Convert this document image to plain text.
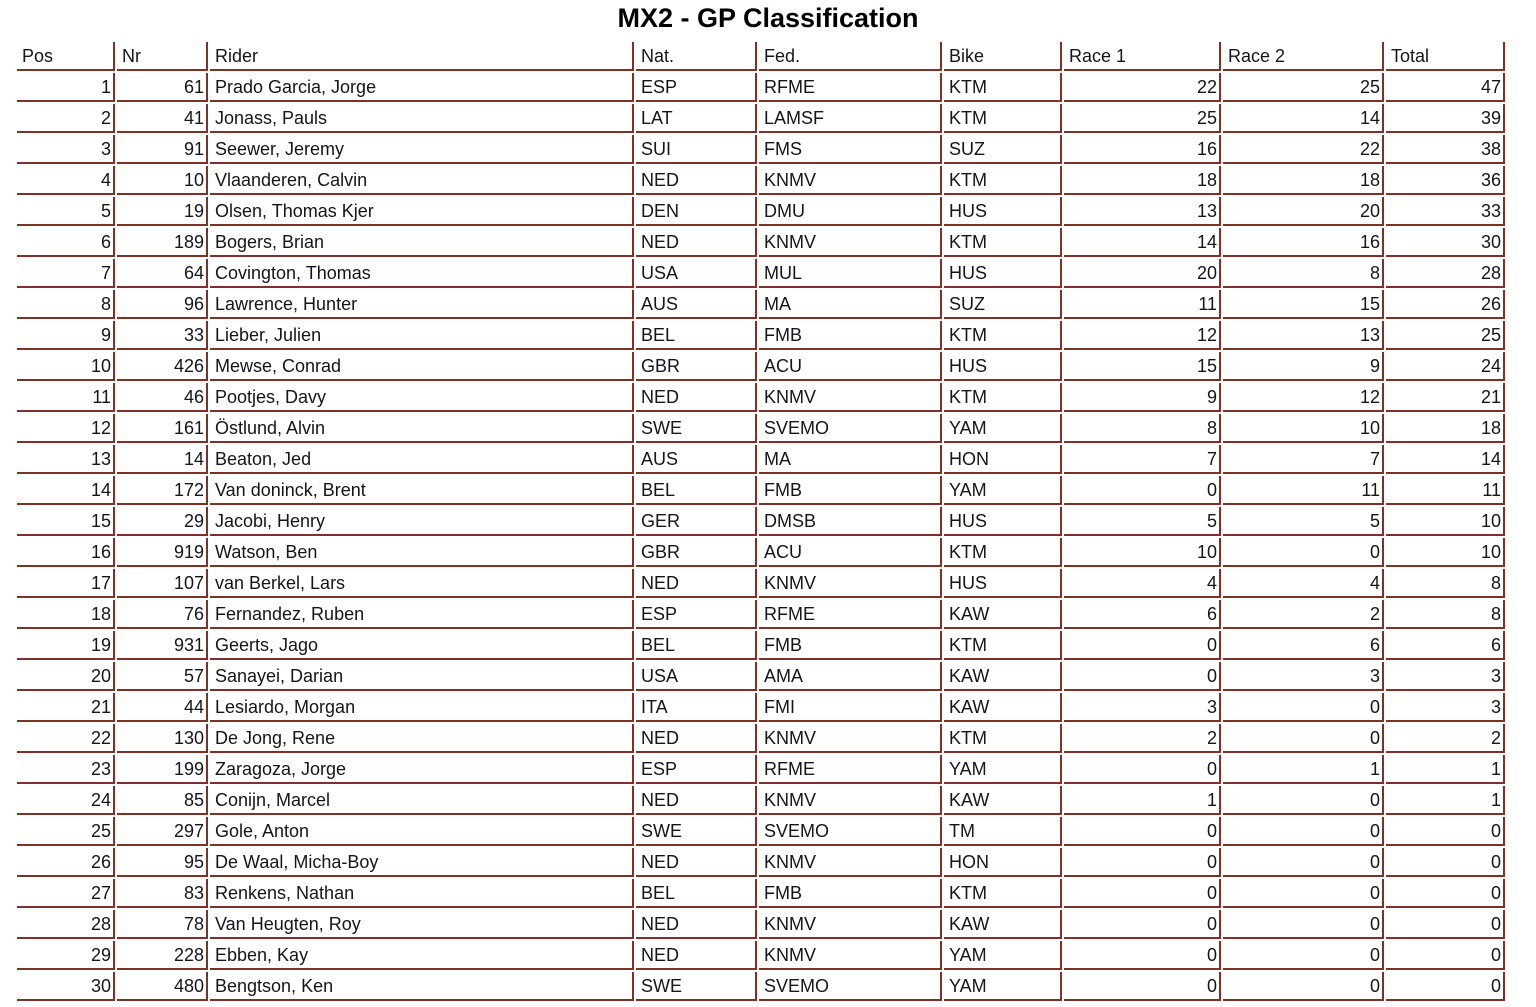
MX2 - GP Classification
Pos	Nr	Rider	Nat.	Fed.	Bike	Race 1	Race 2	Total
1	61	Prado Garcia, Jorge	ESP	RFME	KTM	22	25	47
2	41	Jonass, Pauls	LAT	LAMSF	KTM	25	14	39
3	91	Seewer, Jeremy	SUI	FMS	SUZ	16	22	38
4	10	Vlaanderen, Calvin	NED	KNMV	KTM	18	18	36
5	19	Olsen, Thomas Kjer	DEN	DMU	HUS	13	20	33
6	189	Bogers, Brian	NED	KNMV	KTM	14	16	30
7	64	Covington, Thomas	USA	MUL	HUS	20	8	28
8	96	Lawrence, Hunter	AUS	MA	SUZ	11	15	26
9	33	Lieber, Julien	BEL	FMB	KTM	12	13	25
10	426	Mewse, Conrad	GBR	ACU	HUS	15	9	24
11	46	Pootjes, Davy	NED	KNMV	KTM	9	12	21
12	161	Östlund, Alvin	SWE	SVEMO	YAM	8	10	18
13	14	Beaton, Jed	AUS	MA	HON	7	7	14
14	172	Van doninck, Brent	BEL	FMB	YAM	0	11	11
15	29	Jacobi, Henry	GER	DMSB	HUS	5	5	10
16	919	Watson, Ben	GBR	ACU	KTM	10	0	10
17	107	van Berkel, Lars	NED	KNMV	HUS	4	4	8
18	76	Fernandez, Ruben	ESP	RFME	KAW	6	2	8
19	931	Geerts, Jago	BEL	FMB	KTM	0	6	6
20	57	Sanayei, Darian	USA	AMA	KAW	0	3	3
21	44	Lesiardo, Morgan	ITA	FMI	KAW	3	0	3
22	130	De Jong, Rene	NED	KNMV	KTM	2	0	2
23	199	Zaragoza, Jorge	ESP	RFME	YAM	0	1	1
24	85	Conijn, Marcel	NED	KNMV	KAW	1	0	1
25	297	Gole, Anton	SWE	SVEMO	TM	0	0	0
26	95	De Waal, Micha-Boy	NED	KNMV	HON	0	0	0
27	83	Renkens, Nathan	BEL	FMB	KTM	0	0	0
28	78	Van Heugten, Roy	NED	KNMV	KAW	0	0	0
29	228	Ebben, Kay	NED	KNMV	YAM	0	0	0
30	480	Bengtson, Ken	SWE	SVEMO	YAM	0	0	0
